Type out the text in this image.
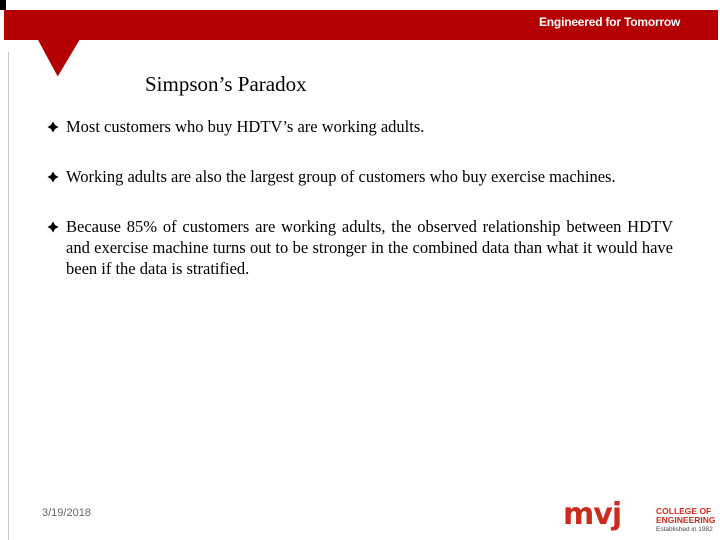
Engineered for Tomorrow
Simpson’s Paradox
Most customers who buy HDTV’s are working adults.
Working adults are also the largest group of customers who buy exercise machines.
Because 85% of customers are working adults, the observed relationship between HDTV and exercise machine turns out to be stronger in the combined data than what it would have been if the data is stratified.
3/19/2018	mvj	COLLEGE OF
ENGINEERING
Established in 1982
